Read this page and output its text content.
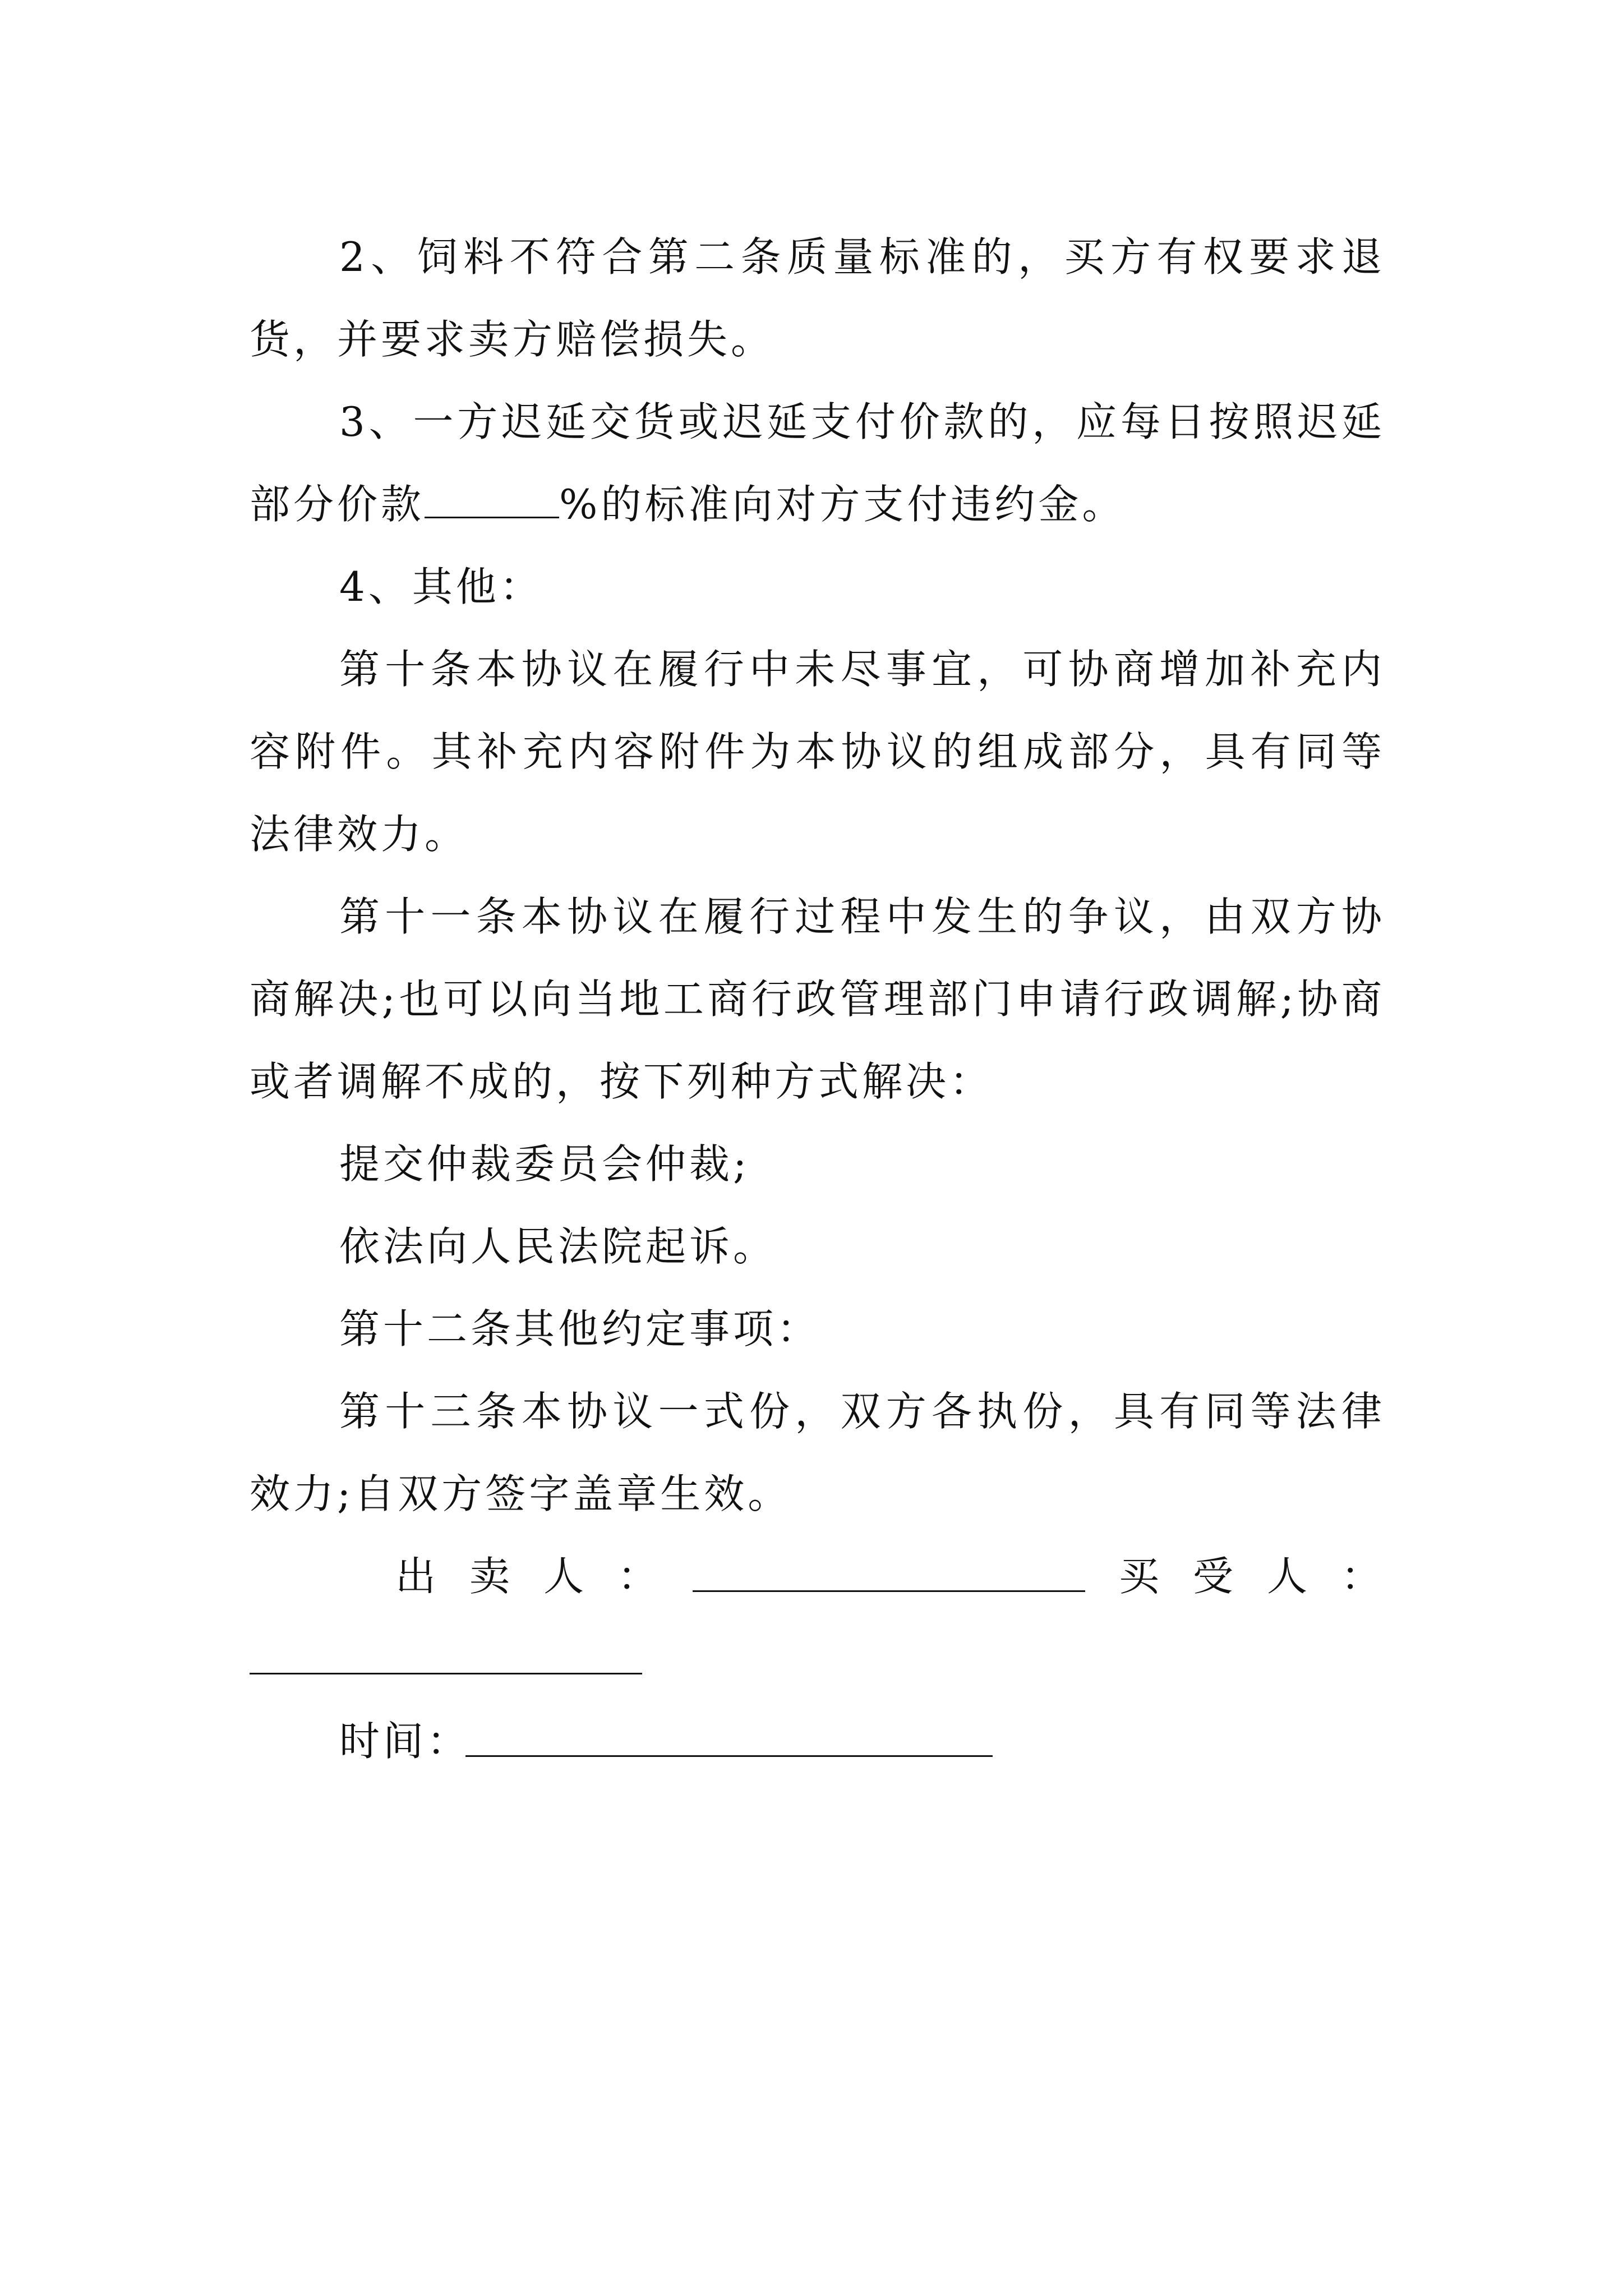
2、饲料不符合第二条质量标准的，买方有权要求退货，并要求卖方赔偿损失。

3、一方迟延交货或迟延支付价款的，应每日按照迟延部分价款	%的标准向对方支付违约金。

4、其他：

第十条本协议在履行中未尽事宜，可协商增加补充内容附件。其补充内容附件为本协议的组成部分，具有同等法律效力。

第十一条本协议在履行过程中发生的争议，由双方协商解决;也可以向当地工商行政管理部门申请行政调解;协商或者调解不成的，按下列种方式解决：

提交仲裁委员会仲裁;

依法向人民法院起诉。

第十二条其他约定事项：

第十三条本协议一式份，双方各执份，具有同等法律效力;自双方签字盖章生效。

出卖人：	买受人：
时间：
